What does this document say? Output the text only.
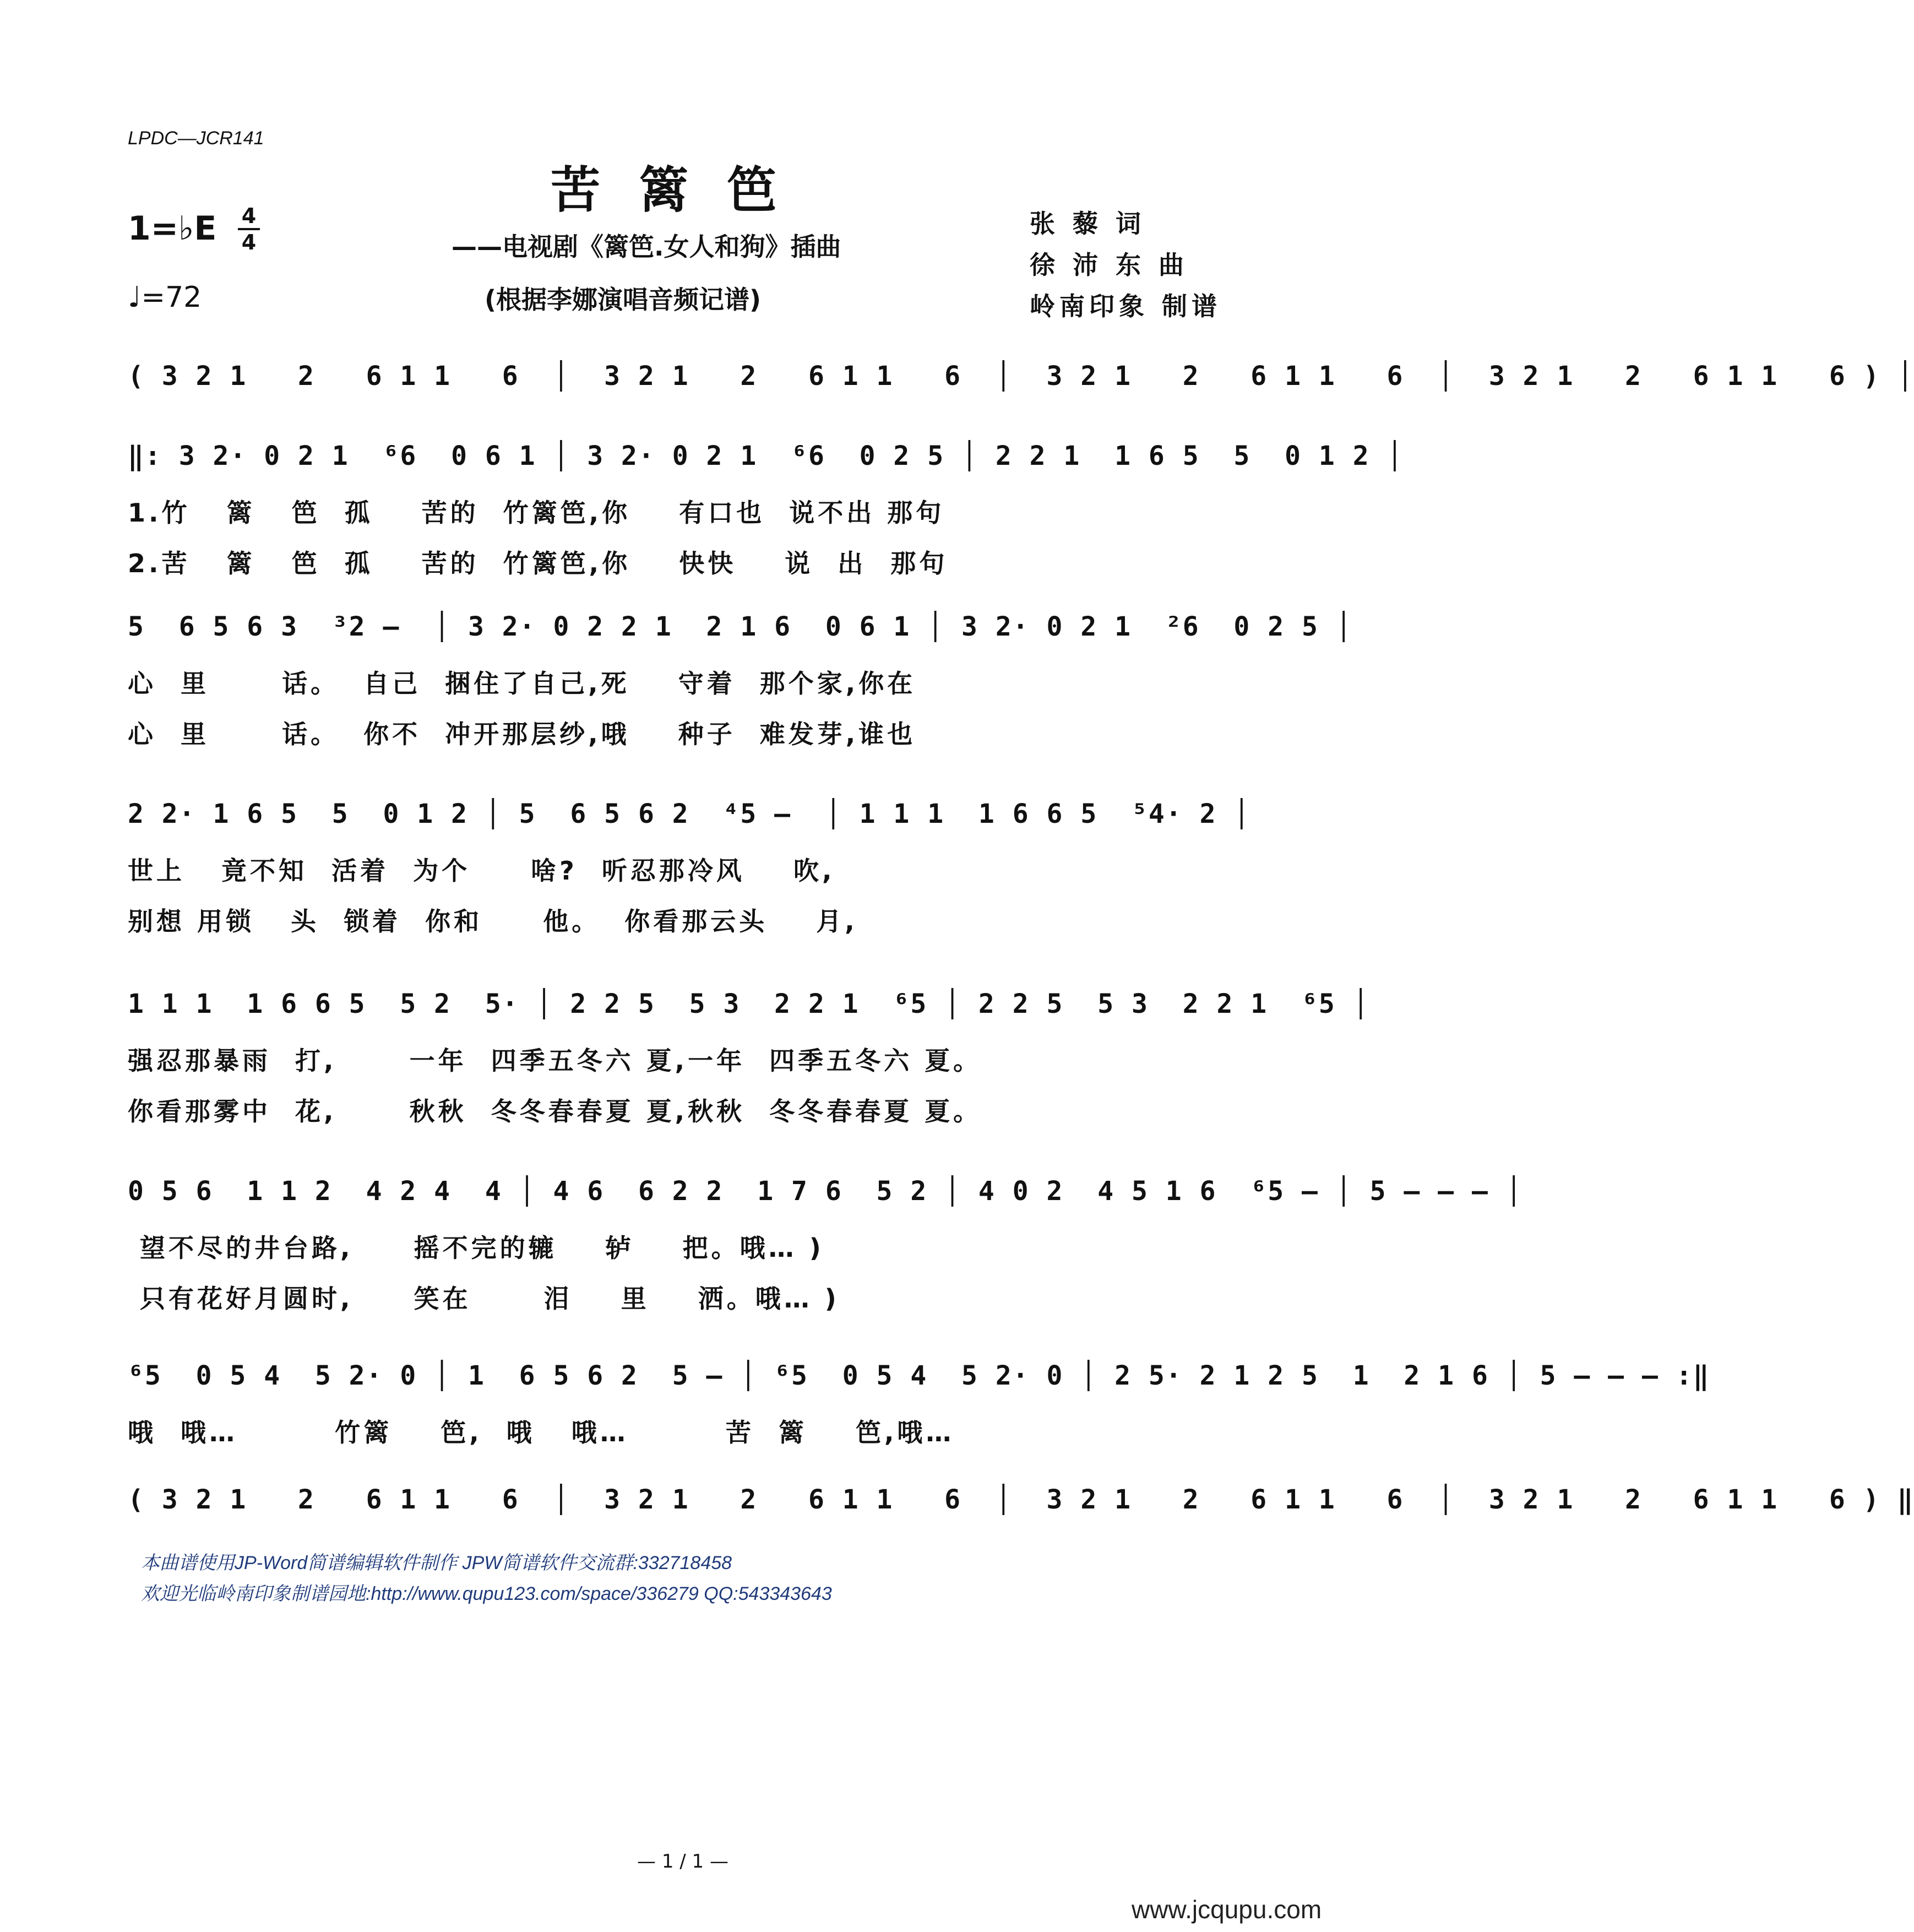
LPDC—JCR141
苦篱笆
——电视剧《篱笆.女人和狗》插曲
(根据李娜演唱音频记谱)
张 藜 词
徐 沛 东 曲
岭南印象 制谱
1=♭E 4
4
♩=72
( 3 2 1   2   6 1 1   6  │  3 2 1   2   6 1 1   6  │  3 2 1   2   6 1 1   6  │  3 2 1   2   6 1 1   6 ) │
‖: 3 2· 0 2 1  ⁶6  0 6 1 │ 3 2· 0 2 1  ⁶6  0 2 5 │ 2 2 1  1 6 5  5  0 1 2 │
1.竹   篱   笆  孤    苦的  竹篱笆,你    有口也  说不出 那句
2.苦   篱   笆  孤    苦的  竹篱笆,你    快快    说  出  那句
5  6 5 6 3  ³2 –  │ 3 2· 0 2 2 1  2 1 6  0 6 1 │ 3 2· 0 2 1  ²6  0 2 5 │
心  里      话。  自己  捆住了自己,死    守着  那个家,你在
心  里      话。  你不  冲开那层纱,哦    种子  难发芽,谁也
2 2· 1 6 5  5  0 1 2 │ 5  6 5 6 2  ⁴5 –  │ 1 1 1  1 6 6 5  ⁵4· 2 │
世上   竟不知  活着  为个     啥?  听忍那冷风    吹,
别想 用锁   头  锁着  你和     他。  你看那云头    月,
1 1 1  1 6 6 5  5 2  5· │ 2 2 5  5 3  2 2 1  ⁶5 │ 2 2 5  5 3  2 2 1  ⁶5 │
强忍那暴雨  打,      一年  四季五冬六 夏,一年  四季五冬六 夏。
你看那雾中  花,      秋秋  冬冬春春夏 夏,秋秋  冬冬春春夏 夏。
0 5 6  1 1 2  4 2 4  4 │ 4 6  6 2 2  1 7 6  5 2 │ 4 0 2  4 5 1 6  ⁶5 – │ 5 – – – │
望不尽的井台路,     摇不完的辘    轳    把。哦… )
只有花好月圆时,     笑在      泪    里    洒。哦… )
⁶5  0 5 4  5 2· 0 │ 1  6 5 6 2  5 – │ ⁶5  0 5 4  5 2· 0 │ 2 5· 2 1 2 5  1  2 1 6 │ 5 – – – :‖
哦  哦…        竹篱    笆,  哦   哦…        苦  篱    笆,哦…
( 3 2 1   2   6 1 1   6  │  3 2 1   2   6 1 1   6  │  3 2 1   2   6 1 1   6  │  3 2 1   2   6 1 1   6 ) ‖
本曲谱使用JP-Word简谱编辑软件制作 JPW简谱软件交流群:332718458
欢迎光临岭南印象制谱园地:http://www.qupu123.com/space/336279 QQ:543343643
— 1 / 1 —
www.jcqupu.com
